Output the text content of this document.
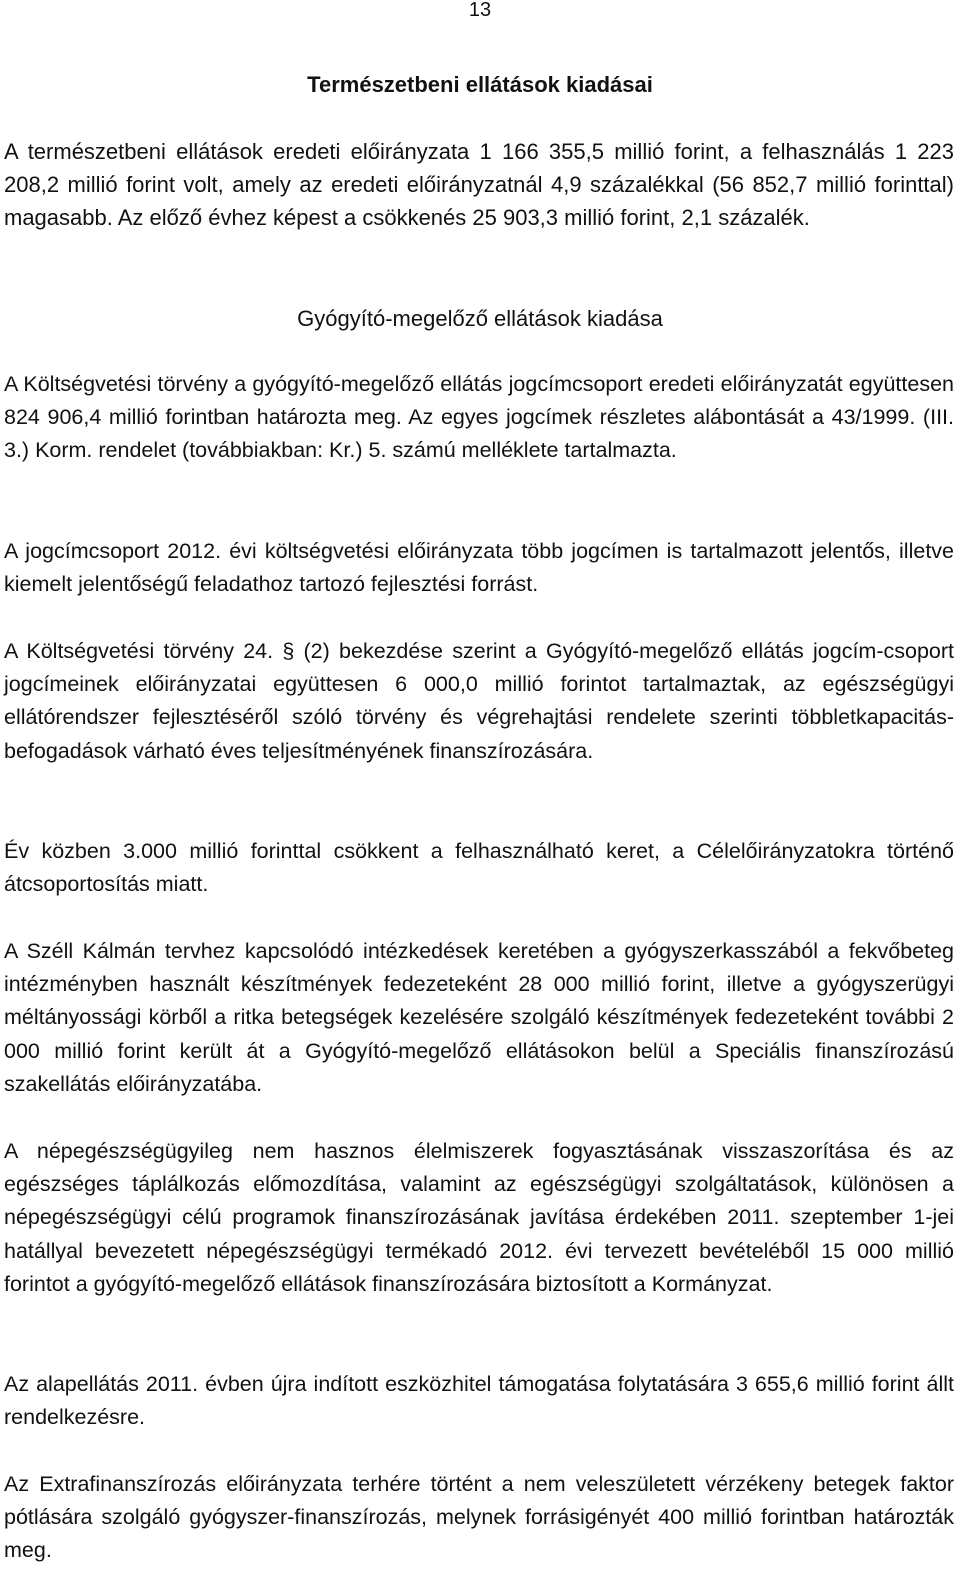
13
Természetbeni ellátások kiadásai

A természetbeni ellátások eredeti előirányzata 1 166 355,5 millió forint, a felhasználás 1 223 208,2 millió forint volt, amely az eredeti előirányzatnál 4,9 százalékkal (56 852,7 millió forinttal) magasabb. Az előző évhez képest a csökkenés 25 903,3 millió forint, 2,1 százalék.

Gyógyító-megelőző ellátások kiadása

A Költségvetési törvény a gyógyító-megelőző ellátás jogcímcsoport eredeti előirányzatát együttesen 824 906,4 millió forintban határozta meg. Az egyes jogcímek részletes alábontását a 43/1999. (III. 3.) Korm. rendelet (továbbiakban: Kr.) 5. számú melléklete tartalmazta.

A jogcímcsoport 2012. évi költségvetési előirányzata több jogcímen is tartalmazott jelentős, illetve kiemelt jelentőségű feladathoz tartozó fejlesztési forrást.

A Költségvetési törvény 24. § (2) bekezdése szerint a Gyógyító-megelőző ellátás jogcím-csoport jogcímeinek előirányzatai együttesen 6 000,0 millió forintot tartalmaztak, az egészségügyi ellátórendszer fejlesztéséről szóló törvény és végrehajtási rendelete szerinti többletkapacitás-befogadások várható éves teljesítményének finanszírozására.

Év közben 3.000 millió forinttal csökkent a felhasználható keret, a Célelőirányzatokra történő átcsoportosítás miatt.

A Széll Kálmán tervhez kapcsolódó intézkedések keretében a gyógyszerkasszából a fekvőbeteg intézményben használt készítmények fedezeteként 28 000 millió forint, illetve a gyógyszerügyi méltányossági körből a ritka betegségek kezelésére szolgáló készítmények fedezeteként további 2 000 millió forint került át a Gyógyító-megelőző ellátásokon belül a Speciális finanszírozású szakellátás előirányzatába.

A népegészségügyileg nem hasznos élelmiszerek fogyasztásának visszaszorítása és az egészséges táplálkozás előmozdítása, valamint az egészségügyi szolgáltatások, különösen a népegészségügyi célú programok finanszírozásának javítása érdekében 2011. szeptember 1-jei hatállyal bevezetett népegészségügyi termékadó 2012. évi tervezett bevételéből 15 000 millió forintot a gyógyító-megelőző ellátások finanszírozására biztosított a Kormányzat.

Az alapellátás 2011. évben újra indított eszközhitel támogatása folytatására 3 655,6 millió forint állt rendelkezésre.

Az Extrafinanszírozás előirányzata terhére történt a nem veleszületett vérzékeny betegek faktor pótlására szolgáló gyógyszer-finanszírozás, melynek forrásigényét 400 millió forintban határozták meg.
